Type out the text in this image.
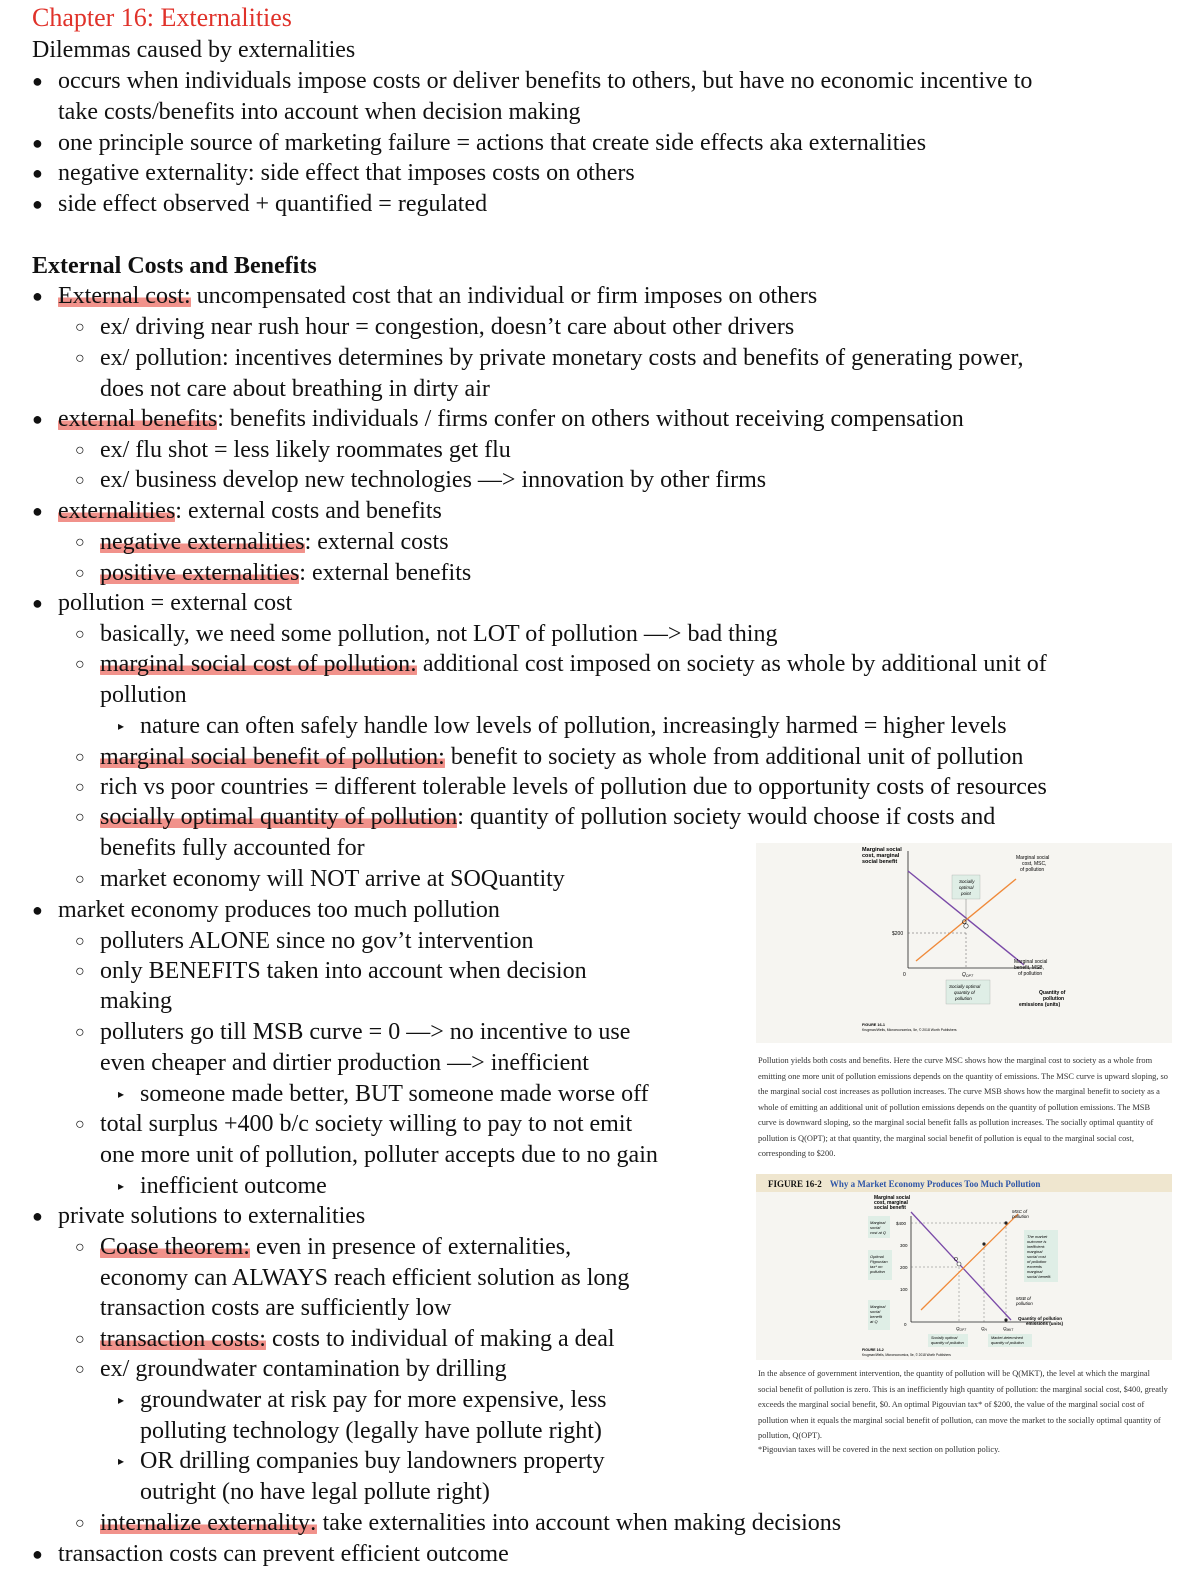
Chapter 16: Externalities
Dilemmas caused by externalities
● occurs when individuals impose costs or deliver benefits to others, but have no economic incentive to
take costs/benefits into account when decision making
● one principle source of marketing failure = actions that create side effects aka externalities
● negative externality: side effect that imposes costs on others
● side effect observed + quantified = regulated
External Costs and Benefits
● External cost: uncompensated cost that an individual or firm imposes on others
○ ex/ driving near rush hour = congestion, doesn’t care about other drivers
○ ex/ pollution: incentives determines by private monetary costs and benefits of generating power,
does not care about breathing in dirty air
● external benefits: benefits individuals / firms confer on others without receiving compensation
○ ex/ flu shot = less likely roommates get flu
○ ex/ business develop new technologies —> innovation by other firms
● externalities: external costs and benefits
○ negative externalities: external costs
○ positive externalities: external benefits
● pollution = external cost
○ basically, we need some pollution, not LOT of pollution —> bad thing
○ marginal social cost of pollution: additional cost imposed on society as whole by additional unit of
pollution
▸ nature can often safely handle low levels of pollution, increasingly harmed = higher levels
○ marginal social benefit of pollution: benefit to society as whole from additional unit of pollution
○ rich vs poor countries = different tolerable levels of pollution due to opportunity costs of resources
○ socially optimal quantity of pollution: quantity of pollution society would choose if costs and
benefits fully accounted for
○ market economy will NOT arrive at SOQuantity
● market economy produces too much pollution
○ polluters ALONE since no gov’t intervention
○ only BENEFITS taken into account when decision
making
○ polluters go till MSB curve = 0 —> no incentive to use
even cheaper and dirtier production —> inefficient
▸ someone made better, BUT someone made worse off
○ total surplus +400 b/c society willing to pay to not emit
one more unit of pollution, polluter accepts due to no gain
▸ inefficient outcome
● private solutions to externalities
○ Coase theorem: even in presence of externalities,
economy can ALWAYS reach efficient solution as long
transaction costs are sufficiently low
○ transaction costs: costs to individual of making a deal
○ ex/ groundwater contamination by drilling
▸ groundwater at risk pay for more expensive, less
polluting technology (legally have pollute right)
▸ OR drilling companies buy landowners property
outright (no have legal pollute right)
○ internalize externality: take externalities into account when making decisions
● transaction costs can prevent efficient outcome
Marginal social
cost, marginal
social benefit
O
Socially
optimal
point
$200
0	$Q_{OPT}$
Socially optimal
quantity of
pollution
Marginal social
cost, MSC,
of pollution
Marginal social
benefit, MSB,
of pollution
Quantity of
pollution
emissions (units)
FIGURE 16-1
Krugman/Wells, Microeconomics, 5e, © 2018 Worth Publishers
Pollution yields both costs and benefits. Here the curve MSC shows how the marginal cost to society as a whole from emitting one more unit of pollution emissions depends on the quantity of emissions. The MSC curve is upward sloping, so the marginal social cost increases as pollution increases. The curve MSB shows how the marginal benefit to society as a whole of emitting an additional unit of pollution emissions depends on the quantity of pollution emissions. The MSB curve is downward sloping, so the marginal social benefit falls as pollution increases. The socially optimal quantity of pollution is Q(OPT); at that quantity, the marginal social benefit of pollution is equal to the marginal social cost, corresponding to $200.
FIGURE 16-2 Why a Market Economy Produces Too Much Pollution
Marginal social
cost, marginal
social benefit
$400
300
200
100
0
O
Marginal
social
cost at Q
Optimal
Pigouvian
tax* on
pollution
Marginal
social
benefit
at Q
MSC of
pollution
MSB of
pollution
The market
outcome is
inefficient:
marginal
social cost
of pollution
exceeds
marginal
social benefit.
$Q_{OPT}$	$Q_H$	$Q_{MKT}$
Quantity of pollution
emissions (units)
Socially optimal
quantity of pollution
Market-determined
quantity of pollution
FIGURE 16-2
Krugman/Wells, Microeconomics, 5e, © 2018 Worth Publishers
In the absence of government intervention, the quantity of pollution will be Q(MKT), the level at which the marginal social benefit of pollution is zero. This is an inefficiently high quantity of pollution: the marginal social cost, $400, greatly exceeds the marginal social benefit, $0. An optimal Pigouvian tax* of $200, the value of the marginal social cost of pollution when it equals the marginal social benefit of pollution, can move the market to the socially optimal quantity of pollution, Q(OPT).
*Pigouvian taxes will be covered in the next section on pollution policy.
